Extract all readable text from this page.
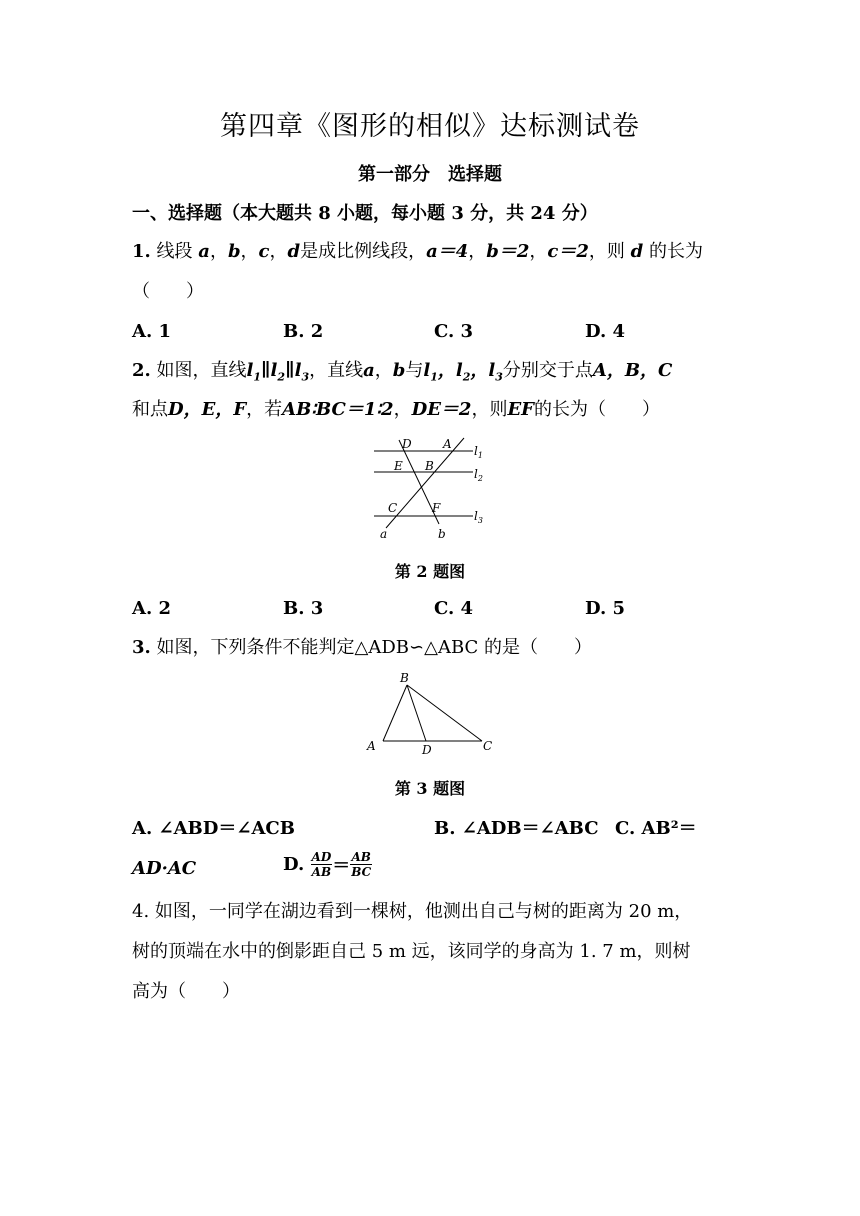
第四章《图形的相似》达标测试卷
第一部分　选择题
一、选择题（本大题共 8 小题，每小题 3 分，共 24 分）
1. 线段 a，b，c，d是成比例线段，a＝4，b＝2，c＝2，则 d 的长为
（　　）
A. 1	B. 2	C. 3	D. 4
2. 如图，直线$l_1\parallel l_2\parallel l_3$，直线a，b与$l_1$，$l_2$，$l_3$分别交于点A，B，C
和点D，E，F，若AB∶BC＝1∶2，DE＝2，则EF的长为（　　）
D	A
E B
C	F
a	b
$l_1$
$l_2$
$l_3$
第 2 题图
A. 2	B. 3	C. 4	D. 5
3. 如图，下列条件不能判定△ADB∽△ABC 的是（　　）
B
A	D	C
第 3 题图
A. ∠ABD＝∠ACB	B. ∠ADB＝∠ABC C. AB²＝
AD·AC	D. $\frac{AD}{AB} = \frac{AB}{BC}$
4. 如图，一同学在湖边看到一棵树，他测出自己与树的距离为 20 m，
树的顶端在水中的倒影距自己 5 m 远，该同学的身高为 1. 7 m，则树
高为（　　）
